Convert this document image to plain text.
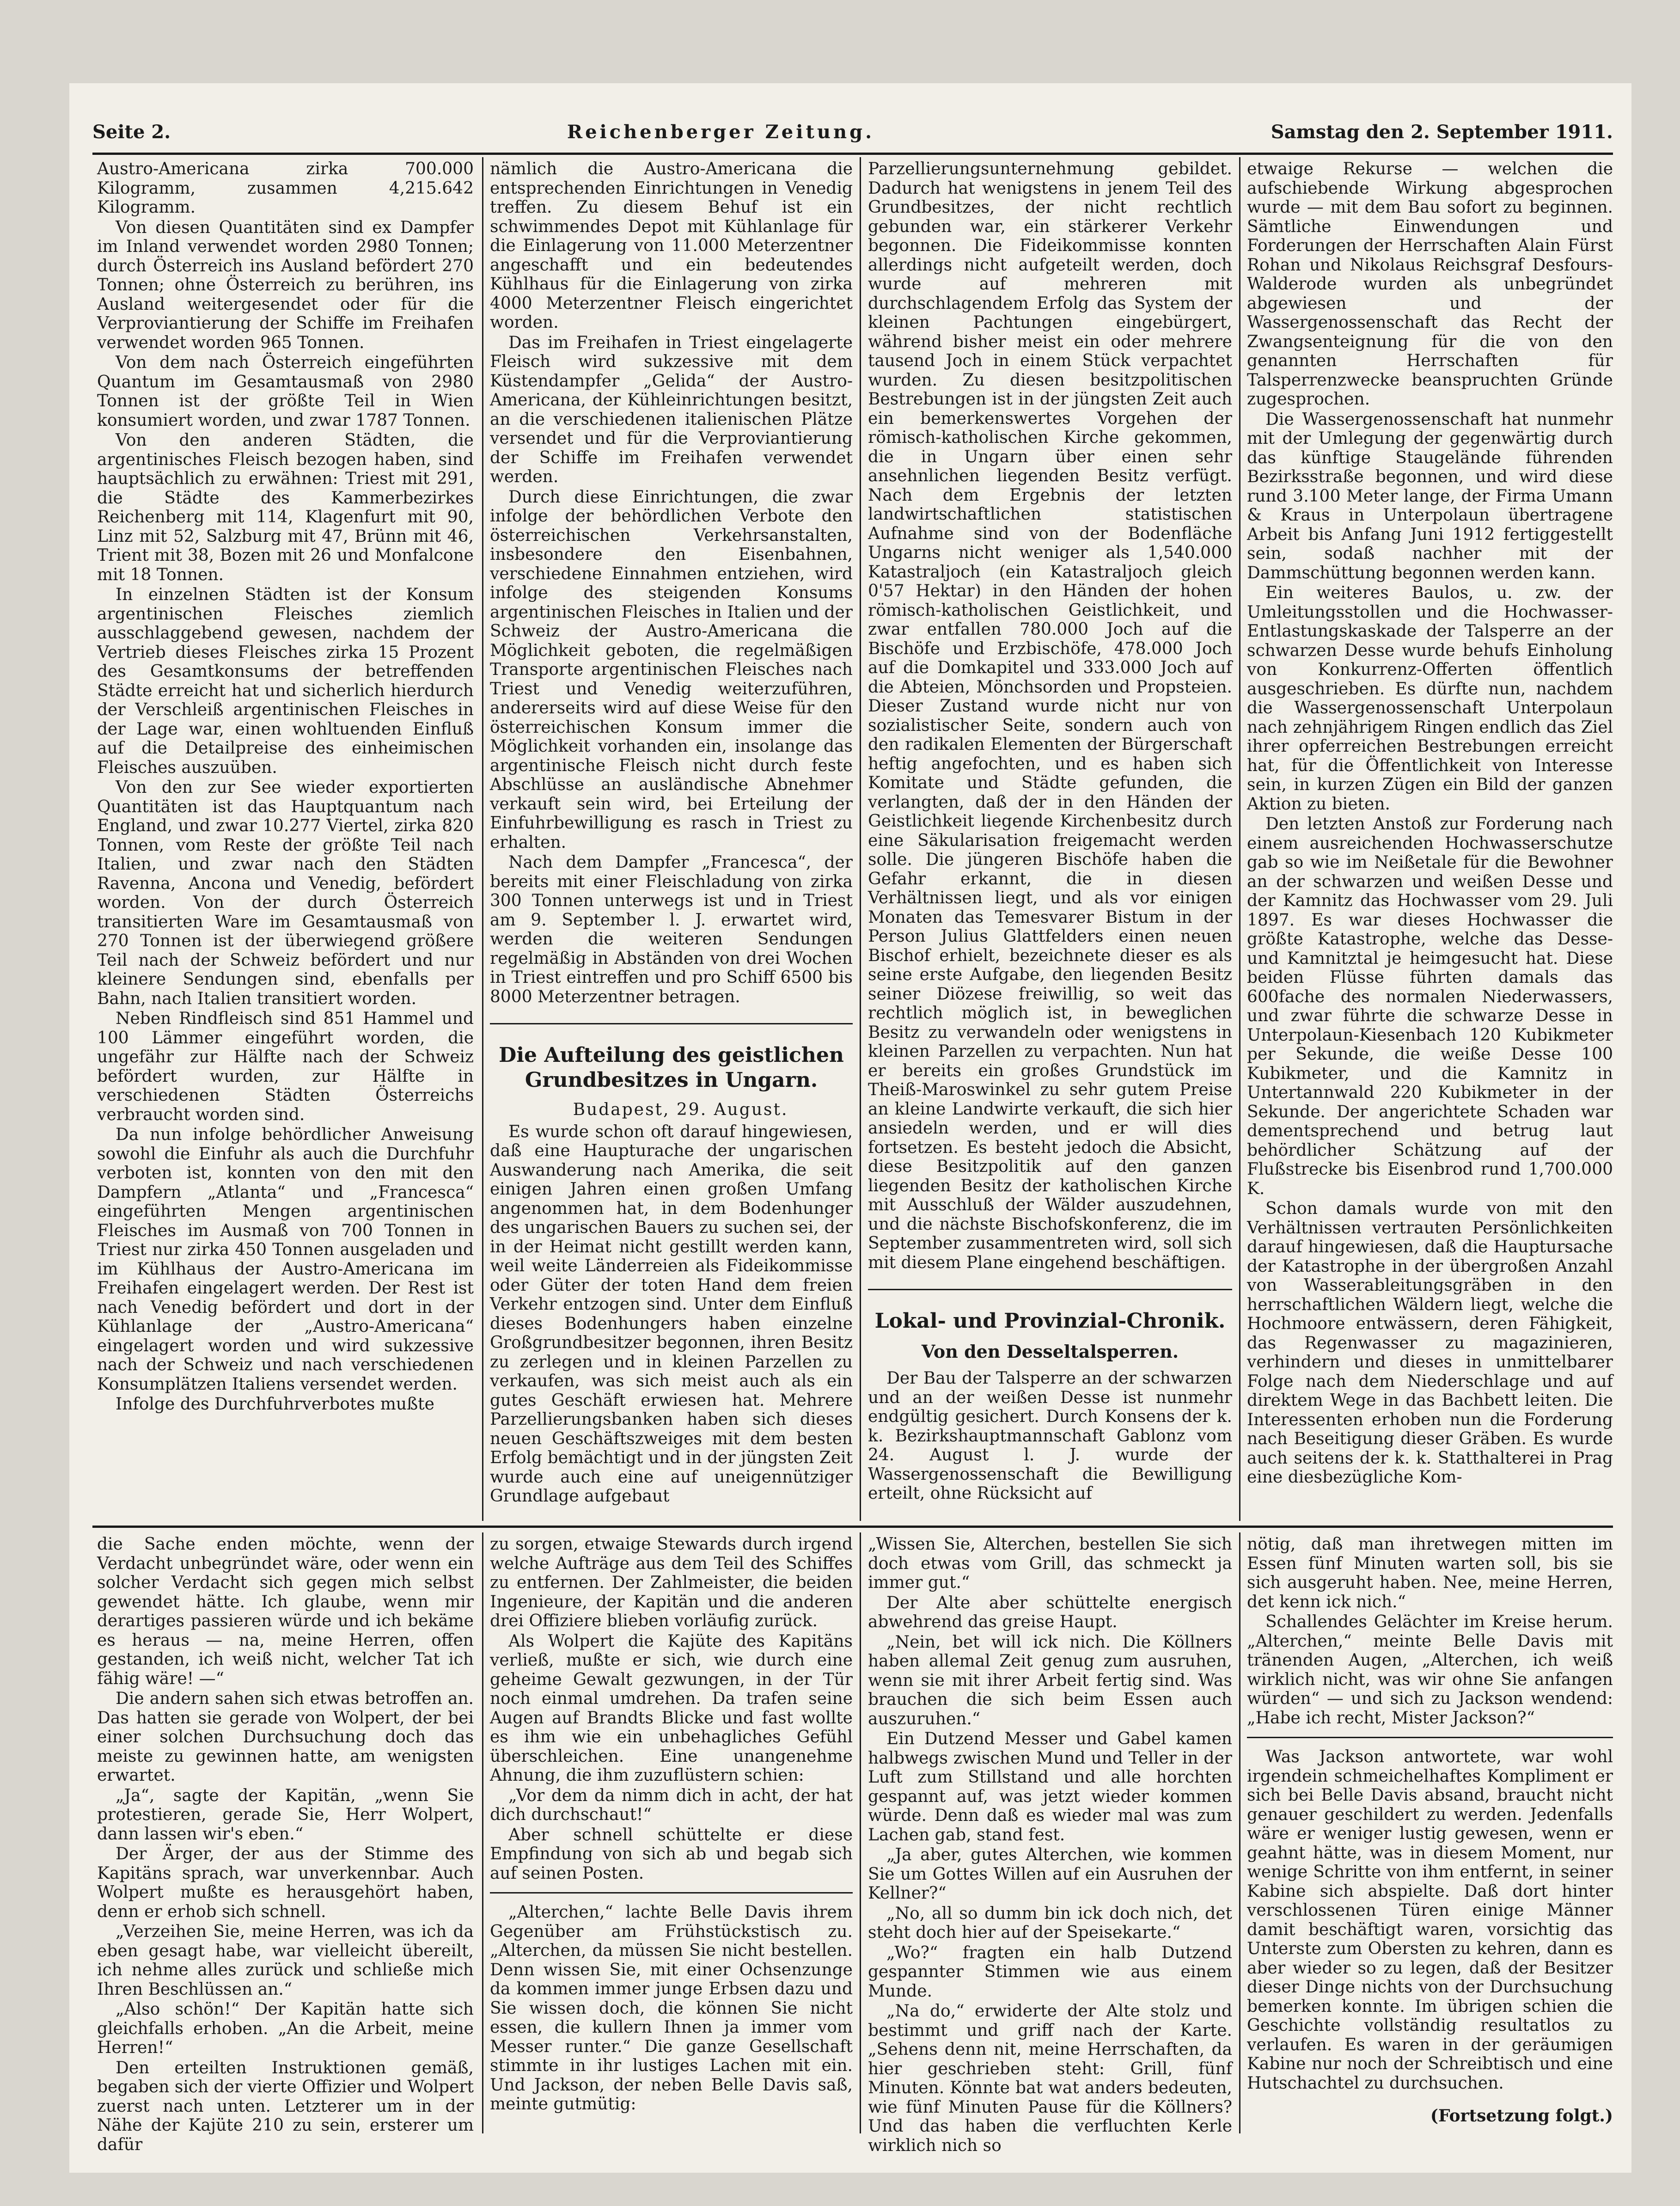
Seite 2.	Reichenberger Zeitung.	Samstag den 2. September 1911.

Austro-Americana zirka 700.000 Kilogramm, zusammen 4,215.642 Kilogramm.

Von diesen Quantitäten sind ex Dampfer im Inland verwendet worden 2980 Tonnen; durch Österreich ins Ausland befördert 270 Tonnen; ohne Österreich zu berühren, ins Ausland weitergesendet oder für die Verproviantierung der Schiffe im Freihafen verwendet worden 965 Tonnen.

Von dem nach Österreich eingeführten Quantum im Gesamtausmaß von 2980 Tonnen ist der größte Teil in Wien konsumiert worden, und zwar 1787 Tonnen.

Von den anderen Städten, die argentinisches Fleisch bezogen haben, sind hauptsächlich zu erwähnen: Triest mit 291, die Städte des Kammerbezirkes Reichenberg mit 114, Klagenfurt mit 90, Linz mit 52, Salzburg mit 47, Brünn mit 46, Trient mit 38, Bozen mit 26 und Monfalcone mit 18 Tonnen.

In einzelnen Städten ist der Konsum argentinischen Fleisches ziemlich ausschlaggebend gewesen, nachdem der Vertrieb dieses Fleisches zirka 15 Prozent des Gesamtkonsums der betreffenden Städte erreicht hat und sicherlich hierdurch der Verschleiß argentinischen Fleisches in der Lage war, einen wohltuenden Einfluß auf die Detailpreise des einheimischen Fleisches auszuüben.

Von den zur See wieder exportierten Quantitäten ist das Hauptquantum nach England, und zwar 10.277 Viertel, zirka 820 Tonnen, vom Reste der größte Teil nach Italien, und zwar nach den Städten Ravenna, Ancona und Venedig, befördert worden. Von der durch Österreich transitierten Ware im Gesamtausmaß von 270 Tonnen ist der überwiegend größere Teil nach der Schweiz befördert und nur kleinere Sendungen sind, ebenfalls per Bahn, nach Italien transitiert worden.

Neben Rindfleisch sind 851 Hammel und 100 Lämmer eingeführt worden, die ungefähr zur Hälfte nach der Schweiz befördert wurden, zur Hälfte in verschiedenen Städten Österreichs verbraucht worden sind.

Da nun infolge behördlicher Anweisung sowohl die Einfuhr als auch die Durchfuhr verboten ist, konnten von den mit den Dampfern „Atlanta“ und „Francesca“ eingeführten Mengen argentinischen Fleisches im Ausmaß von 700 Tonnen in Triest nur zirka 450 Tonnen ausgeladen und im Kühlhaus der Austro-Americana im Freihafen eingelagert werden. Der Rest ist nach Venedig befördert und dort in der Kühlanlage der „Austro-Americana“ eingelagert worden und wird sukzessive nach der Schweiz und nach verschiedenen Konsumplätzen Italiens versendet werden.

Infolge des Durchfuhrverbotes mußte

nämlich die Austro-Americana die entsprechenden Einrichtungen in Venedig treffen. Zu diesem Behuf ist ein schwimmendes Depot mit Kühlanlage für die Einlagerung von 11.000 Meterzentner angeschafft und ein bedeutendes Kühlhaus für die Einlagerung von zirka 4000 Meterzentner Fleisch eingerichtet worden.

Das im Freihafen in Triest eingelagerte Fleisch wird sukzessive mit dem Küstendampfer „Gelida“ der Austro-Americana, der Kühleinrichtungen besitzt, an die verschiedenen italienischen Plätze versendet und für die Verproviantierung der Schiffe im Freihafen verwendet werden.

Durch diese Einrichtungen, die zwar infolge der behördlichen Verbote den österreichischen Verkehrsanstalten, insbesondere den Eisenbahnen, verschiedene Einnahmen entziehen, wird infolge des steigenden Konsums argentinischen Fleisches in Italien und der Schweiz der Austro-Americana die Möglichkeit geboten, die regelmäßigen Transporte argentinischen Fleisches nach Triest und Venedig weiterzuführen, andererseits wird auf diese Weise für den österreichischen Konsum immer die Möglichkeit vorhanden ein, insolange das argentinische Fleisch nicht durch feste Abschlüsse an ausländische Abnehmer verkauft sein wird, bei Erteilung der Einfuhrbewilligung es rasch in Triest zu erhalten.

Nach dem Dampfer „Francesca“, der bereits mit einer Fleischladung von zirka 300 Tonnen unterwegs ist und in Triest am 9. September l. J. erwartet wird, werden die weiteren Sendungen regelmäßig in Abständen von drei Wochen in Triest eintreffen und pro Schiff 6500 bis 8000 Meterzentner betragen.

Die Aufteilung des geistlichen Grundbesitzes in Ungarn.

Budapest, 29. August.

Es wurde schon oft darauf hingewiesen, daß eine Haupturache der ungarischen Auswanderung nach Amerika, die seit einigen Jahren einen großen Umfang angenommen hat, in dem Bodenhunger des ungarischen Bauers zu suchen sei, der in der Heimat nicht gestillt werden kann, weil weite Länderreien als Fideikommisse oder Güter der toten Hand dem freien Verkehr entzogen sind. Unter dem Einfluß dieses Bodenhungers haben einzelne Großgrundbesitzer begonnen, ihren Besitz zu zerlegen und in kleinen Parzellen zu verkaufen, was sich meist auch als ein gutes Geschäft erwiesen hat. Mehrere Parzellierungsbanken haben sich dieses neuen Geschäftszweiges mit dem besten Erfolg bemächtigt und in der jüngsten Zeit wurde auch eine auf uneigennütziger Grundlage aufgebaut

Parzellierungsunternehmung gebildet. Dadurch hat wenigstens in jenem Teil des Grundbesitzes, der nicht rechtlich gebunden war, ein stärkerer Verkehr begonnen. Die Fideikommisse konnten allerdings nicht aufgeteilt werden, doch wurde auf mehreren mit durchschlagendem Erfolg das System der kleinen Pachtungen eingebürgert, während bisher meist ein oder mehrere tausend Joch in einem Stück verpachtet wurden. Zu diesen besitzpolitischen Bestrebungen ist in der jüngsten Zeit auch ein bemerkenswertes Vorgehen der römisch-katholischen Kirche gekommen, die in Ungarn über einen sehr ansehnlichen liegenden Besitz verfügt. Nach dem Ergebnis der letzten landwirtschaftlichen statistischen Aufnahme sind von der Bodenfläche Ungarns nicht weniger als 1,540.000 Katastraljoch (ein Katastraljoch gleich 0'57 Hektar) in den Händen der hohen römisch-katholischen Geistlichkeit, und zwar entfallen 780.000 Joch auf die Bischöfe und Erzbischöfe, 478.000 Joch auf die Domkapitel und 333.000 Joch auf die Abteien, Mönchsorden und Propsteien. Dieser Zustand wurde nicht nur von sozialistischer Seite, sondern auch von den radikalen Elementen der Bürgerschaft heftig angefochten, und es haben sich Komitate und Städte gefunden, die verlangten, daß der in den Händen der Geistlichkeit liegende Kirchenbesitz durch eine Säkularisation freigemacht werden solle. Die jüngeren Bischöfe haben die Gefahr erkannt, die in diesen Verhältnissen liegt, und als vor einigen Monaten das Temesvarer Bistum in der Person Julius Glattfelders einen neuen Bischof erhielt, bezeichnete dieser es als seine erste Aufgabe, den liegenden Besitz seiner Diözese freiwillig, so weit das rechtlich möglich ist, in beweglichen Besitz zu verwandeln oder wenigstens in kleinen Parzellen zu verpachten. Nun hat er bereits ein großes Grundstück im Theiß-Maroswinkel zu sehr gutem Preise an kleine Landwirte verkauft, die sich hier ansiedeln werden, und er will dies fortsetzen. Es besteht jedoch die Absicht, diese Besitzpolitik auf den ganzen liegenden Besitz der katholischen Kirche mit Ausschluß der Wälder auszudehnen, und die nächste Bischofskonferenz, die im September zusammentreten wird, soll sich mit diesem Plane eingehend beschäftigen.

Lokal- und Provinzial-Chronik.
Von den Desseltalsperren.

Der Bau der Talsperre an der schwarzen und an der weißen Desse ist nunmehr endgültig gesichert. Durch Konsens der k. k. Bezirkshauptmannschaft Gablonz vom 24. August l. J. wurde der Wassergenossenschaft die Bewilligung erteilt, ohne Rücksicht auf

etwaige Rekurse — welchen die aufschiebende Wirkung abgesprochen wurde — mit dem Bau sofort zu beginnen. Sämtliche Einwendungen und Forderungen der Herrschaften Alain Fürst Rohan und Nikolaus Reichsgraf Desfours-Walderode wurden als unbegründet abgewiesen und der Wassergenossenschaft das Recht der Zwangsenteignung für die von den genannten Herrschaften für Talsperrenzwecke beanspruchten Gründe zugesprochen.

Die Wassergenossenschaft hat nunmehr mit der Umlegung der gegenwärtig durch das künftige Staugelände führenden Bezirksstraße begonnen, und wird diese rund 3.100 Meter lange, der Firma Umann & Kraus in Unterpolaun übertragene Arbeit bis Anfang Juni 1912 fertiggestellt sein, sodaß nachher mit der Dammschüttung begonnen werden kann.

Ein weiteres Baulos, u. zw. der Umleitungsstollen und die Hochwasser-Entlastungskaskade der Talsperre an der schwarzen Desse wurde behufs Einholung von Konkurrenz-Offerten öffentlich ausgeschrieben. Es dürfte nun, nachdem die Wassergenossenschaft Unterpolaun nach zehnjährigem Ringen endlich das Ziel ihrer opferreichen Bestrebungen erreicht hat, für die Öffentlichkeit von Interesse sein, in kurzen Zügen ein Bild der ganzen Aktion zu bieten.

Den letzten Anstoß zur Forderung nach einem ausreichenden Hochwasserschutze gab so wie im Neißetale für die Bewohner an der schwarzen und weißen Desse und der Kamnitz das Hochwasser vom 29. Juli 1897. Es war dieses Hochwasser die größte Katastrophe, welche das Desse- und Kamnitztal je heimgesucht hat. Diese beiden Flüsse führten damals das 600fache des normalen Niederwassers, und zwar führte die schwarze Desse in Unterpolaun-Kiesenbach 120 Kubikmeter per Sekunde, die weiße Desse 100 Kubikmeter, und die Kamnitz in Untertannwald 220 Kubikmeter in der Sekunde. Der angerichtete Schaden war dementsprechend und betrug laut behördlicher Schätzung auf der Flußstrecke bis Eisenbrod rund 1,700.000 K.

Schon damals wurde von mit den Verhältnissen vertrauten Persönlichkeiten darauf hingewiesen, daß die Hauptursache der Katastrophe in der übergroßen Anzahl von Wasserableitungsgräben in den herrschaftlichen Wäldern liegt, welche die Hochmoore entwässern, deren Fähigkeit, das Regenwasser zu magazinieren, verhindern und dieses in unmittelbarer Folge nach dem Niederschlage und auf direktem Wege in das Bachbett leiten. Die Interessenten erhoben nun die Forderung nach Beseitigung dieser Gräben. Es wurde auch seitens der k. k. Statthalterei in Prag eine diesbezügliche Kom-

die Sache enden möchte, wenn der Verdacht unbegründet wäre, oder wenn ein solcher Verdacht sich gegen mich selbst gewendet hätte. Ich glaube, wenn mir derartiges passieren würde und ich bekäme es heraus — na, meine Herren, offen gestanden, ich weiß nicht, welcher Tat ich fähig wäre! —“

Die andern sahen sich etwas betroffen an. Das hatten sie gerade von Wolpert, der bei einer solchen Durchsuchung doch das meiste zu gewinnen hatte, am wenigsten erwartet.

„Ja“, sagte der Kapitän, „wenn Sie protestieren, gerade Sie, Herr Wolpert, dann lassen wir's eben.“

Der Ärger, der aus der Stimme des Kapitäns sprach, war unverkennbar. Auch Wolpert mußte es herausgehört haben, denn er erhob sich schnell.

„Verzeihen Sie, meine Herren, was ich da eben gesagt habe, war vielleicht übereilt, ich nehme alles zurück und schließe mich Ihren Beschlüssen an.“

„Also schön!“ Der Kapitän hatte sich gleichfalls erhoben. „An die Arbeit, meine Herren!“

Den erteilten Instruktionen gemäß, begaben sich der vierte Offizier und Wolpert zuerst nach unten. Letzterer um in der Nähe der Kajüte 210 zu sein, ersterer um dafür

zu sorgen, etwaige Stewards durch irgend welche Aufträge aus dem Teil des Schiffes zu entfernen. Der Zahlmeister, die beiden Ingenieure, der Kapitän und die anderen drei Offiziere blieben vorläufig zurück.

Als Wolpert die Kajüte des Kapitäns verließ, mußte er sich, wie durch eine geheime Gewalt gezwungen, in der Tür noch einmal umdrehen. Da trafen seine Augen auf Brandts Blicke und fast wollte es ihm wie ein unbehagliches Gefühl überschleichen. Eine unangenehme Ahnung, die ihm zuzuflüstern schien:

„Vor dem da nimm dich in acht, der hat dich durchschaut!“

Aber schnell schüttelte er diese Empfindung von sich ab und begab sich auf seinen Posten.

„Alterchen,“ lachte Belle Davis ihrem Gegenüber am Frühstückstisch zu. „Alterchen, da müssen Sie nicht bestellen. Denn wissen Sie, mit einer Ochsenzunge da kommen immer junge Erbsen dazu und Sie wissen doch, die können Sie nicht essen, die kullern Ihnen ja immer vom Messer runter.“ Die ganze Gesellschaft stimmte in ihr lustiges Lachen mit ein. Und Jackson, der neben Belle Davis saß, meinte gutmütig:

„Wissen Sie, Alterchen, bestellen Sie sich doch etwas vom Grill, das schmeckt ja immer gut.“

Der Alte aber schüttelte energisch abwehrend das greise Haupt.

„Nein, bet will ick nich. Die Köllners haben allemal Zeit genug zum ausruhen, wenn sie mit ihrer Arbeit fertig sind. Was brauchen die sich beim Essen auch auszuruhen.“

Ein Dutzend Messer und Gabel kamen halbwegs zwischen Mund und Teller in der Luft zum Stillstand und alle horchten gespannt auf, was jetzt wieder kommen würde. Denn daß es wieder mal was zum Lachen gab, stand fest.

„Ja aber, gutes Alterchen, wie kommen Sie um Gottes Willen auf ein Ausruhen der Kellner?“

„No, all so dumm bin ick doch nich, det steht doch hier auf der Speisekarte.“

„Wo?“ fragten ein halb Dutzend gespannter Stimmen wie aus einem Munde.

„Na do,“ erwiderte der Alte stolz und bestimmt und griff nach der Karte. „Sehens denn nit, meine Herrschaften, da hier geschrieben steht: Grill, fünf Minuten. Könnte bat wat anders bedeuten, wie fünf Minuten Pause für die Köllners? Und das haben die verfluchten Kerle wirklich nich so

nötig, daß man ihretwegen mitten im Essen fünf Minuten warten soll, bis sie sich ausgeruht haben. Nee, meine Herren, det kenn ick nich.“

Schallendes Gelächter im Kreise herum. „Alterchen,“ meinte Belle Davis mit tränenden Augen, „Alterchen, ich weiß wirklich nicht, was wir ohne Sie anfangen würden“ — und sich zu Jackson wendend: „Habe ich recht, Mister Jackson?“

Was Jackson antwortete, war wohl irgendein schmeichelhaftes Kompliment er sich bei Belle Davis absand, braucht nicht genauer geschildert zu werden. Jedenfalls wäre er weniger lustig gewesen, wenn er geahnt hätte, was in diesem Moment, nur wenige Schritte von ihm entfernt, in seiner Kabine sich abspielte. Daß dort hinter verschlossenen Türen einige Männer damit beschäftigt waren, vorsichtig das Unterste zum Obersten zu kehren, dann es aber wieder so zu legen, daß der Besitzer dieser Dinge nichts von der Durchsuchung bemerken konnte. Im übrigen schien die Geschichte vollständig resultatlos zu verlaufen. Es waren in der geräumigen Kabine nur noch der Schreibtisch und eine Hutschachtel zu durchsuchen.

(Fortsetzung folgt.)
